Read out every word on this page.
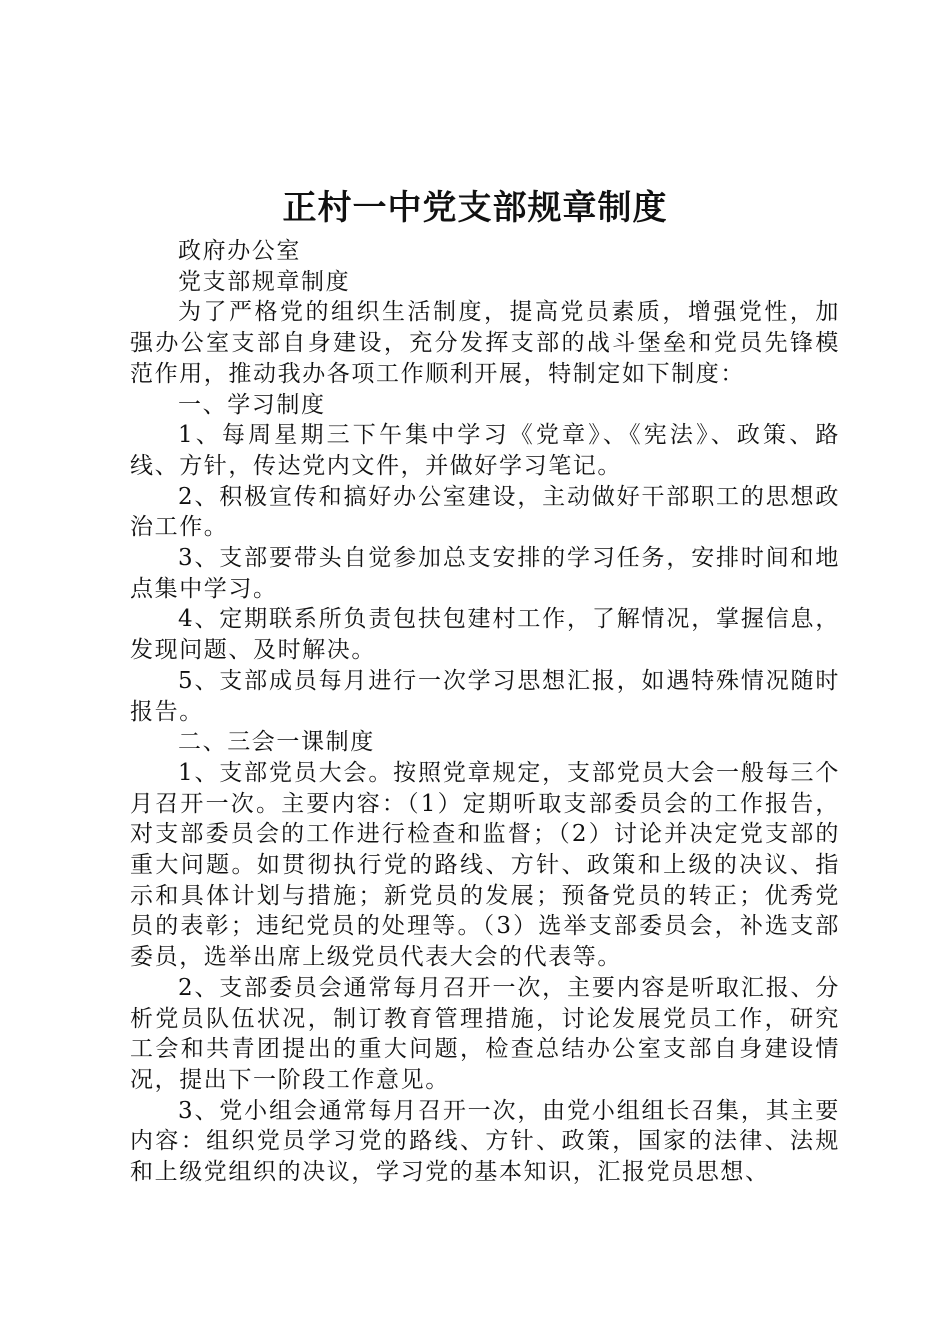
正村一中党支部规章制度

政府办公室

党支部规章制度

为了严格党的组织生活制度，提高党员素质，增强党性，加强办公室支部自身建设，充分发挥支部的战斗堡垒和党员先锋模范作用，推动我办各项工作顺利开展，特制定如下制度：

一、学习制度

1、每周星期三下午集中学习《党章》、《宪法》、政策、路线、方针，传达党内文件，并做好学习笔记。

2、积极宣传和搞好办公室建设，主动做好干部职工的思想政治工作。

3、支部要带头自觉参加总支安排的学习任务，安排时间和地点集中学习。

4、定期联系所负责包扶包建村工作，了解情况，掌握信息，发现问题、及时解决。

5、支部成员每月进行一次学习思想汇报，如遇特殊情况随时报告。

二、三会一课制度

1、支部党员大会。按照党章规定，支部党员大会一般每三个月召开一次。主要内容：（1）定期听取支部委员会的工作报告，对支部委员会的工作进行检查和监督；（2）讨论并决定党支部的重大问题。如贯彻执行党的路线、方针、政策和上级的决议、指示和具体计划与措施；新党员的发展；预备党员的转正；优秀党员的表彰；违纪党员的处理等。（3）选举支部委员会，补选支部委员，选举出席上级党员代表大会的代表等。

2、支部委员会通常每月召开一次，主要内容是听取汇报、分析党员队伍状况，制订教育管理措施，讨论发展党员工作，研究工会和共青团提出的重大问题，检查总结办公室支部自身建设情况，提出下一阶段工作意见。

3、党小组会通常每月召开一次，由党小组组长召集，其主要内容：组织党员学习党的路线、方针、政策，国家的法律、法规和上级党组织的决议，学习党的基本知识，汇报党员思想、
